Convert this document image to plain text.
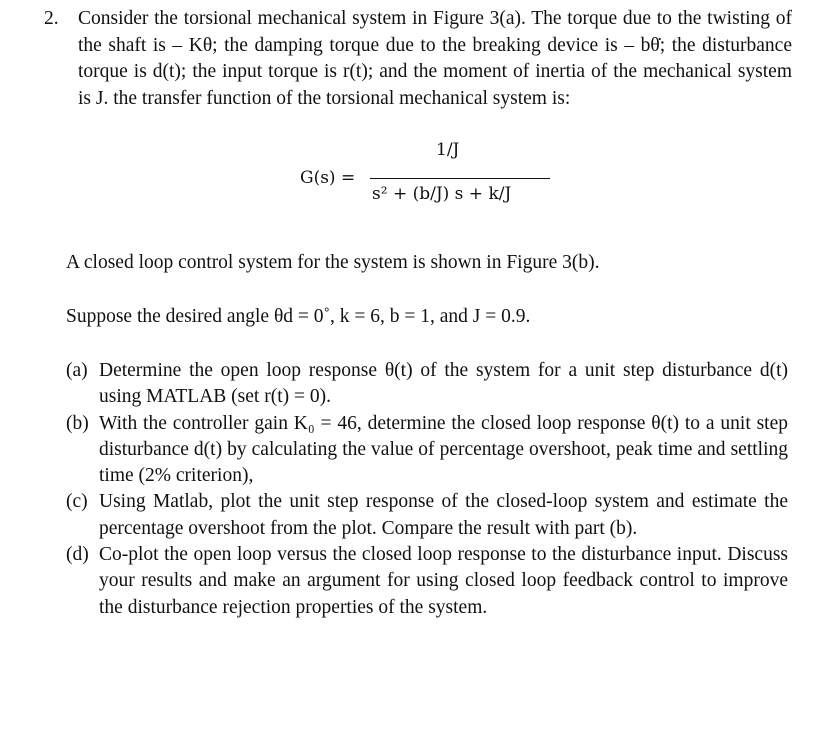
2. Consider the torsional mechanical system in Figure 3(a). The torque due to the twisting of the shaft is – Kθ; the damping torque due to the breaking device is – bθ̇; the disturbance torque is d(t); the input torque is r(t); and the moment of inertia of the mechanical system is J. the transfer function of the torsional mechanical system is:
G(s) =
1/J
s² + (b/J) s + k/J
A closed loop control system for the system is shown in Figure 3(b).
Suppose the desired angle θd = 0˚, k = 6, b = 1, and J = 0.9.
(a) Determine the open loop response θ(t) of the system for a unit step disturbance d(t) using MATLAB (set r(t) = 0).
(b) With the controller gain K₀ = 46, determine the closed loop response θ(t) to a unit step disturbance d(t) by calculating the value of percentage overshoot, peak time and settling time (2% criterion),
(c) Using Matlab, plot the unit step response of the closed-loop system and estimate the percentage overshoot from the plot. Compare the result with part (b).
(d) Co-plot the open loop versus the closed loop response to the disturbance input. Discuss your results and make an argument for using closed loop feedback control to improve the disturbance rejection properties of the system.
